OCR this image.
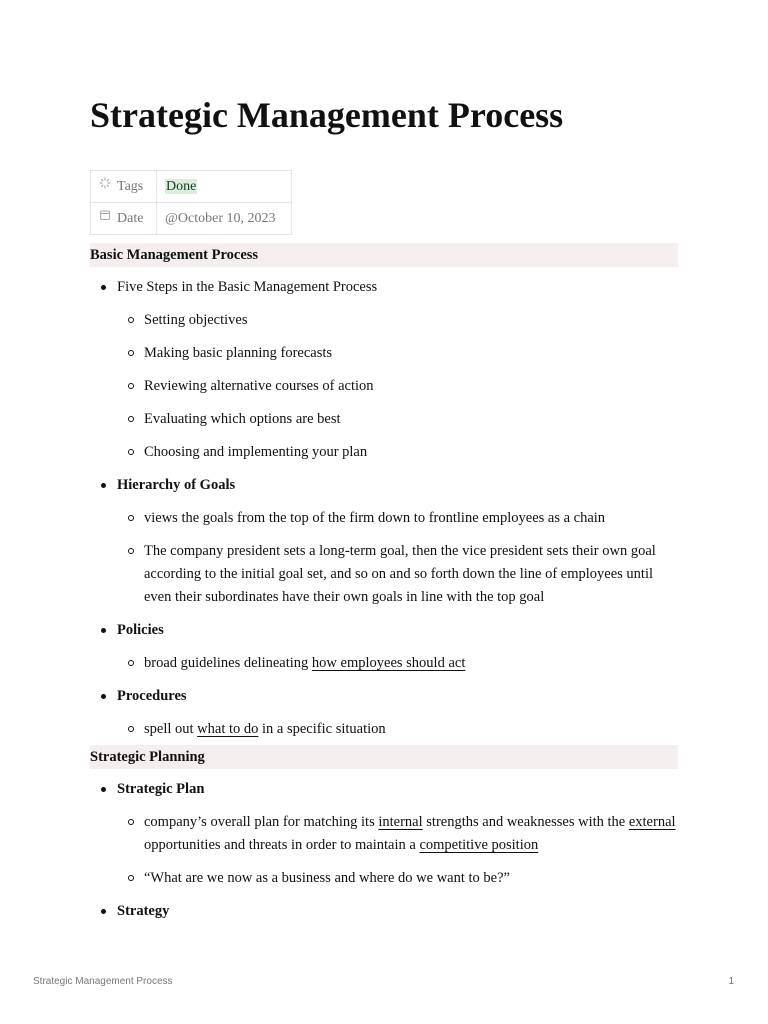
Strategic Management Process
Tags	Done
Date	@October 10, 2023
Basic Management Process
Five Steps in the Basic Management Process
Setting objectives
Making basic planning forecasts
Reviewing alternative courses of action
Evaluating which options are best
Choosing and implementing your plan
Hierarchy of Goals
views the goals from the top of the firm down to frontline employees as a chain
The company president sets a long-term goal, then the vice president sets their own goal according to the initial goal set, and so on and so forth down the line of employees until even their subordinates have their own goals in line with the top goal
Policies
broad guidelines delineating how employees should act
Procedures
spell out what to do in a specific situation
Strategic Planning
Strategic Plan
company’s overall plan for matching its internal strengths and weaknesses with the external opportunities and threats in order to maintain a competitive position
“What are we now as a business and where do we want to be?”
Strategy
Strategic Management Process	1
